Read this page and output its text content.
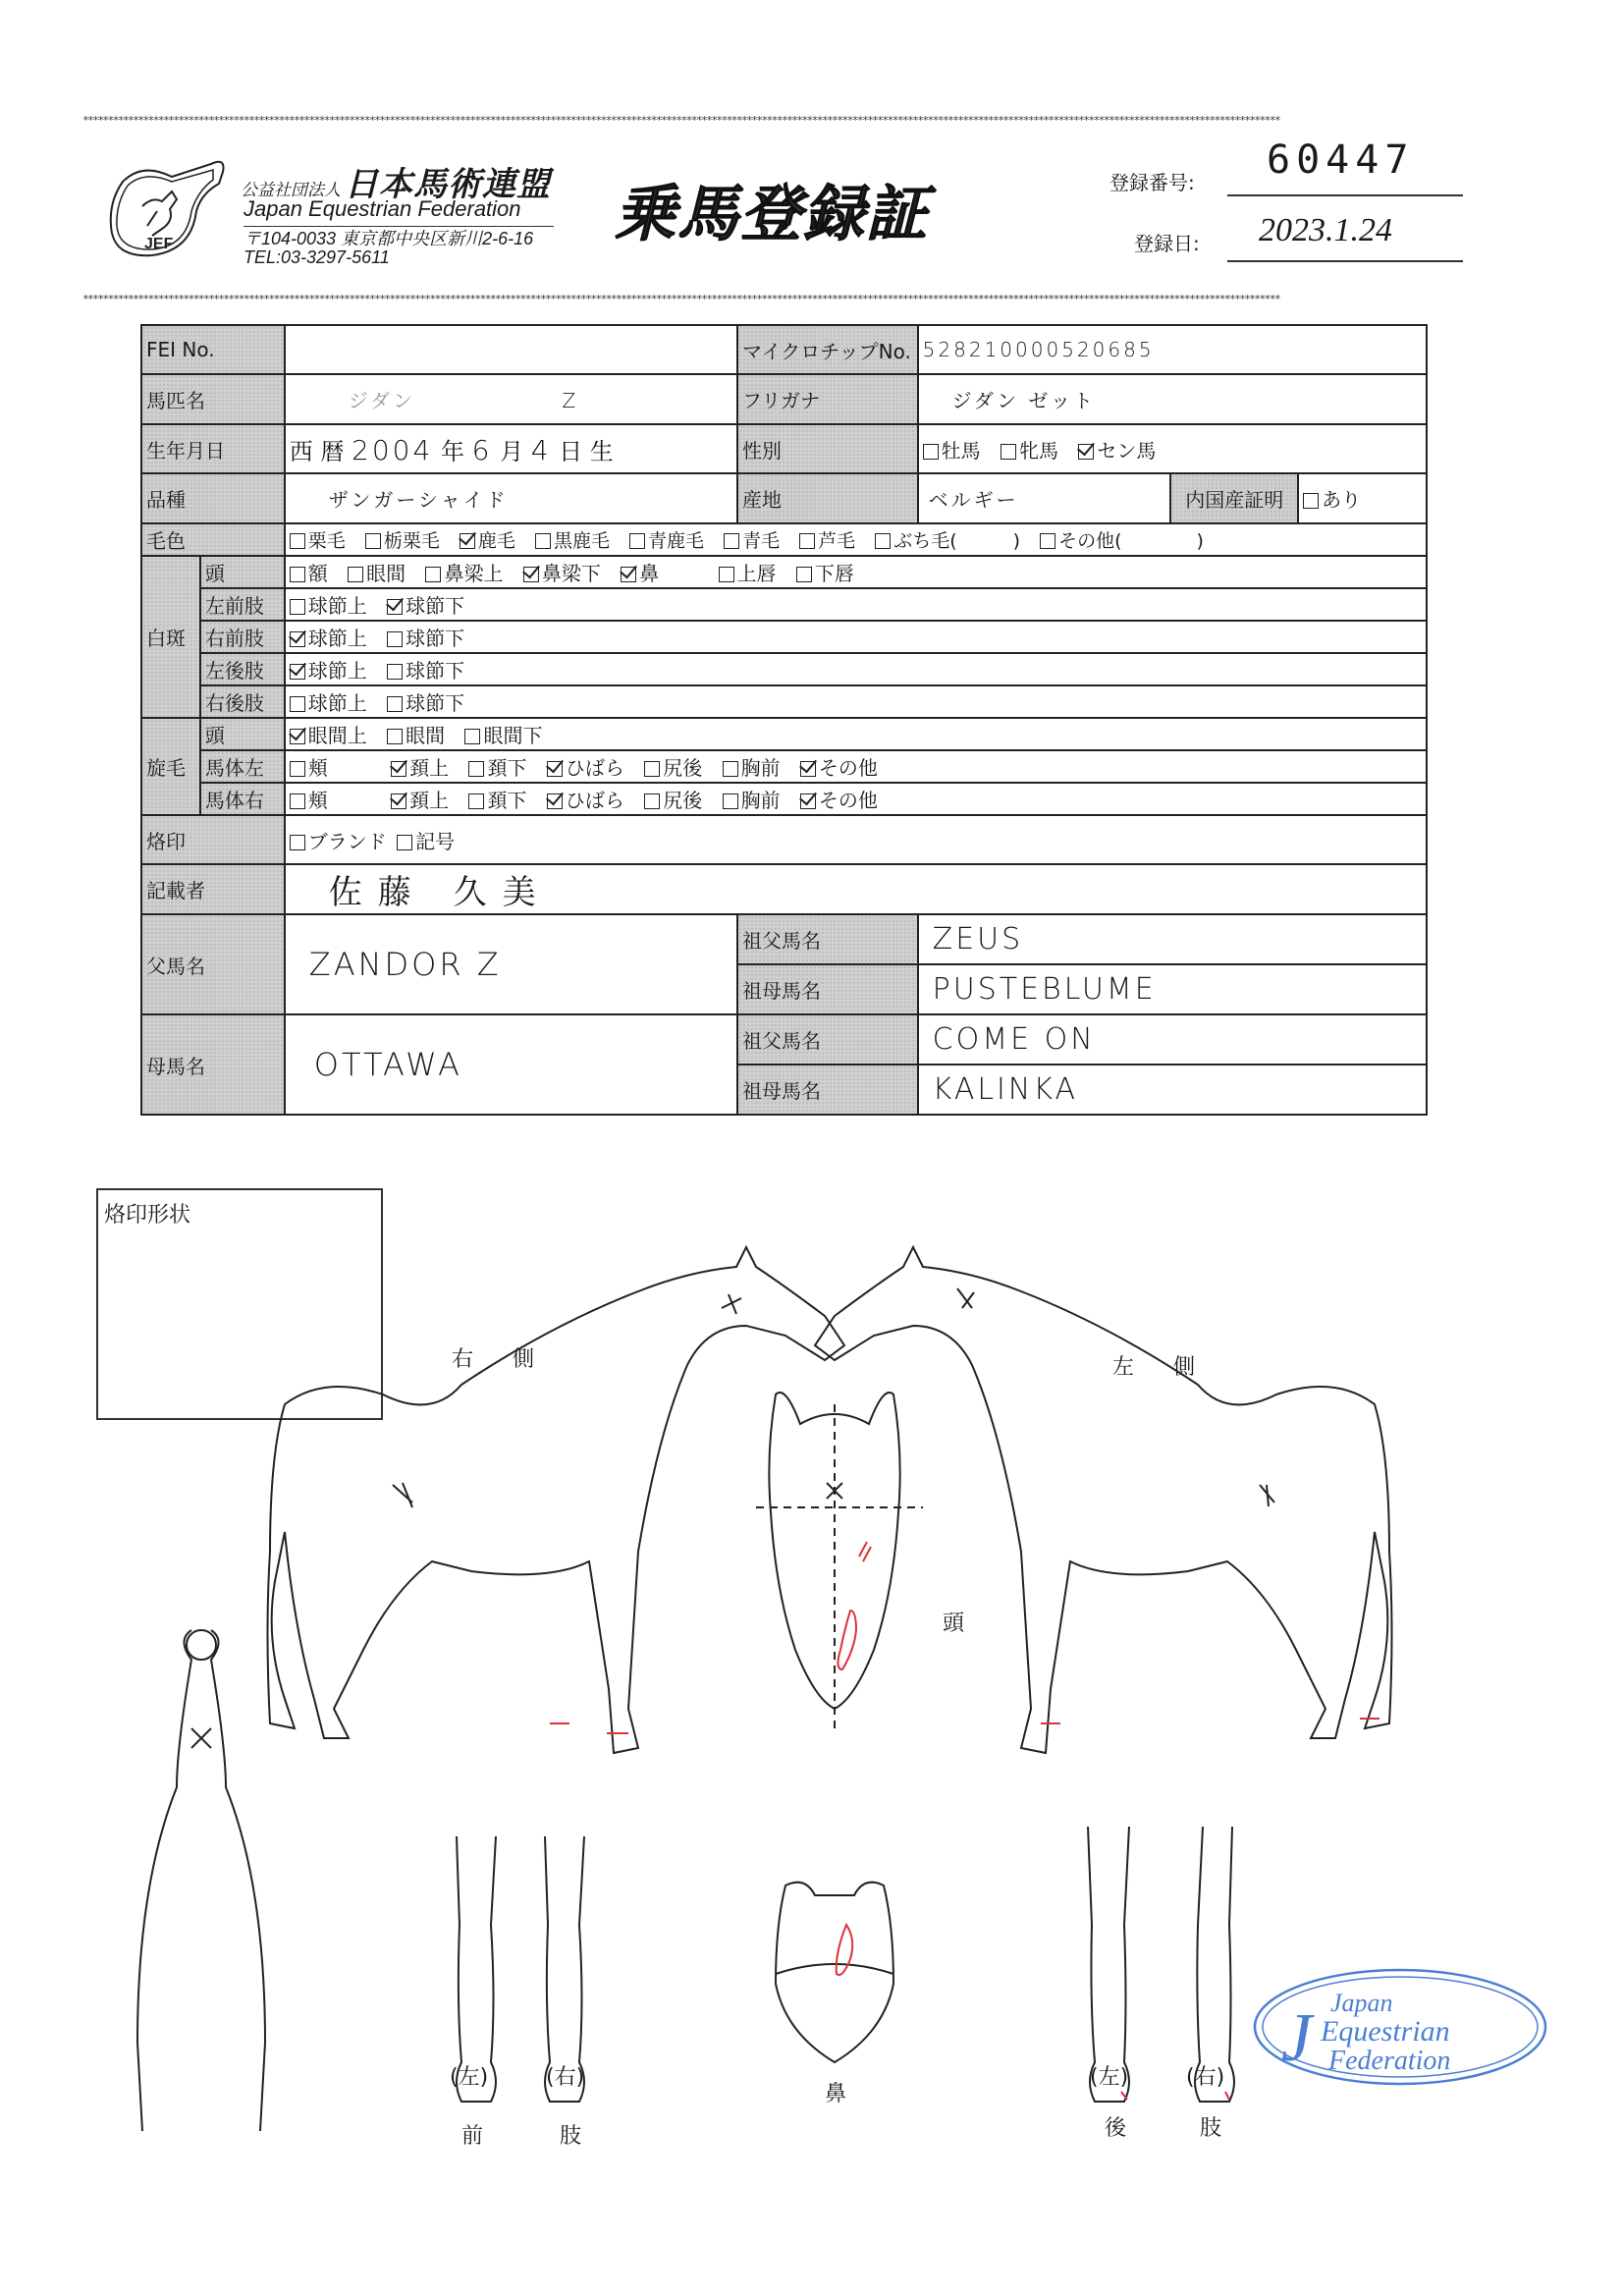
**********************************************************************************************************************************************************************************************************************************************
**********************************************************************************************************************************************************************************************************************************************
JEF
公益社団法人 日本馬術連盟
Japan Equestrian Federation
〒104-0033 東京都中央区新川2-6-16
TEL:03-3297-5611
乗馬登録証	登録番号: 60447
登録日: 2023.1.24
FEI No.			マイクロチップNo.	528210000520685		
馬匹名		ジダン Z	フリガナ	ジダン ゼット		
生年月日		西 暦 2004 年 6 月 4 日 生	性別	牡馬 牝馬 セン馬		
品種		ザンガーシャイド	産地	ベルギー	内国産証明	あり
毛色		栗毛 栃栗毛 鹿毛 黒鹿毛 青鹿毛 青毛 芦毛 ぶち毛(　　　) その他(　　　　)				
白斑	頭	額 眼間 鼻梁上 鼻梁下 鼻 上唇 下唇				
	左前肢	球節上 球節下				
	右前肢	球節上 球節下				
	左後肢	球節上 球節下				
	右後肢	球節上 球節下				
旋毛	頭	眼間上 眼間 眼間下				
	馬体左	頬 頚上 頚下 ひばら 尻後 胸前 その他				
	馬体右	頬 頚上 頚下 ひばら 尻後 胸前 その他				
烙印		ブランド 記号				
記載者		佐藤 久美				
父馬名		ZANDOR Z	祖父馬名	ZEUS		
			祖母馬名	PUSTEBLUME		
母馬名		OTTAWA	祖父馬名	COME ON		
			祖母馬名	KALINKA		
烙印形状
右側	左側
頭
鼻
(左)	(右)
前	肢
(左)	(右)
後	肢
J Japan
Equestrian
Federation
